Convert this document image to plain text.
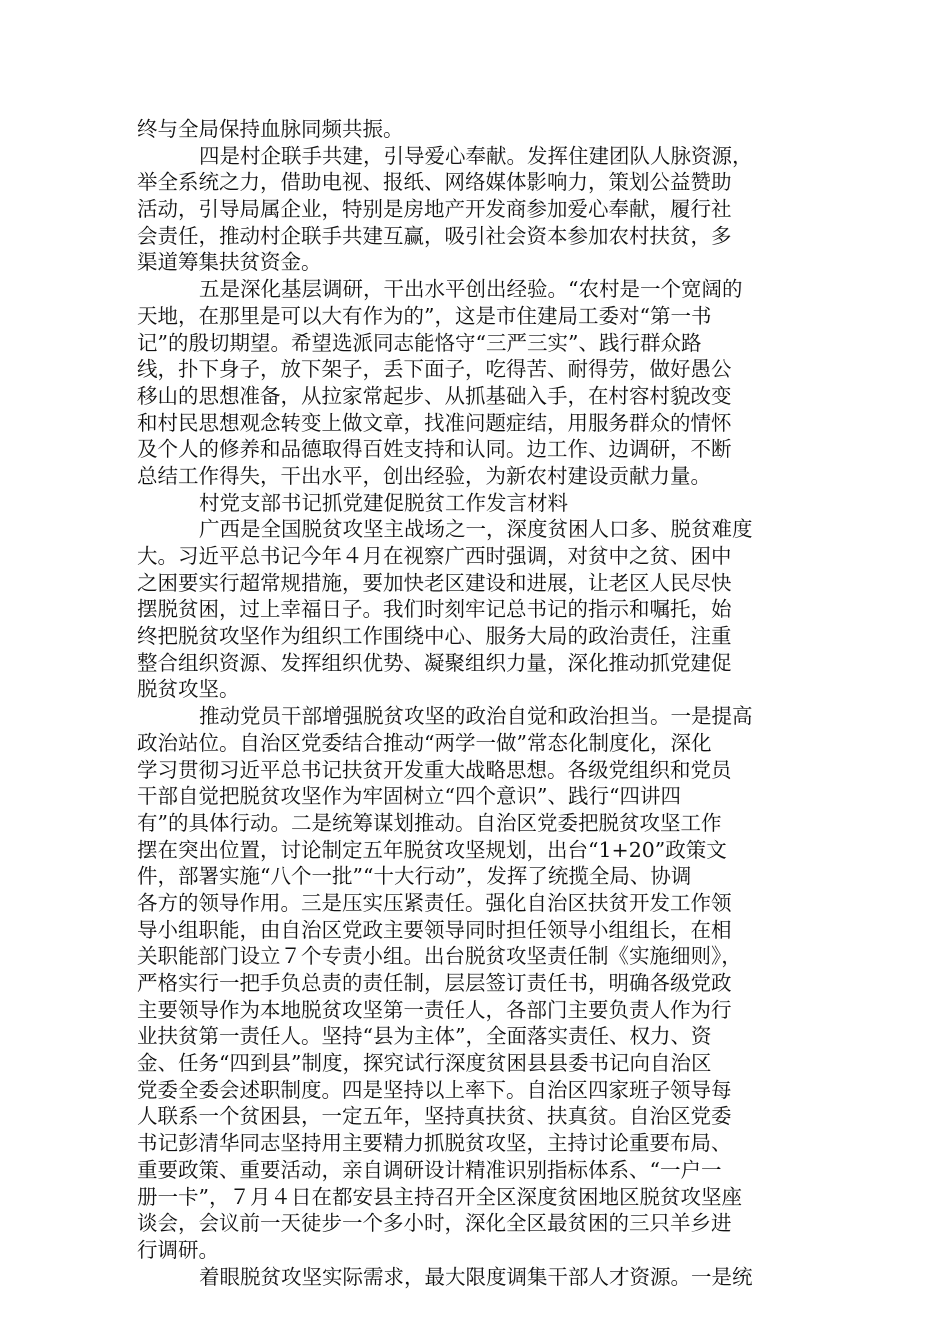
终与全局保持血脉同频共振。
四是村企联手共建，引导爱心奉献。发挥住建团队人脉资源，
举全系统之力，借助电视、报纸、网络媒体影响力，策划公益赞助
活动，引导局属企业，特别是房地产开发商参加爱心奉献，履行社
会责任，推动村企联手共建互赢，吸引社会资本参加农村扶贫，多
渠道筹集扶贫资金。
五是深化基层调研，干出水平创出经验。“农村是一个宽阔的
天地，在那里是可以大有作为的”，这是市住建局工委对“第一书
记”的殷切期望。希望选派同志能恪守“三严三实”、践行群众路
线，扑下身子，放下架子，丢下面子，吃得苦、耐得劳，做好愚公
移山的思想准备，从拉家常起步、从抓基础入手，在村容村貌改变
和村民思想观念转变上做文章，找准问题症结，用服务群众的情怀
及个人的修养和品德取得百姓支持和认同。边工作、边调研，不断
总结工作得失，干出水平，创出经验，为新农村建设贡献力量。
村党支部书记抓党建促脱贫工作发言材料
广西是全国脱贫攻坚主战场之一，深度贫困人口多、脱贫难度
大。习近平总书记今年４月在视察广西时强调，对贫中之贫、困中
之困要实行超常规措施，要加快老区建设和进展，让老区人民尽快
摆脱贫困，过上幸福日子。我们时刻牢记总书记的指示和嘱托，始
终把脱贫攻坚作为组织工作围绕中心、服务大局的政治责任，注重
整合组织资源、发挥组织优势、凝聚组织力量，深化推动抓党建促
脱贫攻坚。
推动党员干部增强脱贫攻坚的政治自觉和政治担当。一是提高
政治站位。自治区党委结合推动“两学一做”常态化制度化，深化
学习贯彻习近平总书记扶贫开发重大战略思想。各级党组织和党员
干部自觉把脱贫攻坚作为牢固树立“四个意识”、践行“四讲四
有”的具体行动。二是统筹谋划推动。自治区党委把脱贫攻坚工作
摆在突出位置，讨论制定五年脱贫攻坚规划，出台“1+20”政策文
件，部署实施“八个一批”“十大行动”，发挥了统揽全局、协调
各方的领导作用。三是压实压紧责任。强化自治区扶贫开发工作领
导小组职能，由自治区党政主要领导同时担任领导小组组长，在相
关职能部门设立７个专责小组。出台脱贫攻坚责任制《实施细则》，
严格实行一把手负总责的责任制，层层签订责任书，明确各级党政
主要领导作为本地脱贫攻坚第一责任人，各部门主要负责人作为行
业扶贫第一责任人。坚持“县为主体”，全面落实责任、权力、资
金、任务“四到县”制度，探究试行深度贫困县县委书记向自治区
党委全委会述职制度。四是坚持以上率下。自治区四家班子领导每
人联系一个贫困县，一定五年，坚持真扶贫、扶真贫。自治区党委
书记彭清华同志坚持用主要精力抓脱贫攻坚，主持讨论重要布局、
重要政策、重要活动，亲自调研设计精准识别指标体系、“一户一
册一卡”，７月４日在都安县主持召开全区深度贫困地区脱贫攻坚座
谈会，会议前一天徒步一个多小时，深化全区最贫困的三只羊乡进
行调研。
着眼脱贫攻坚实际需求，最大限度调集干部人才资源。一是统
